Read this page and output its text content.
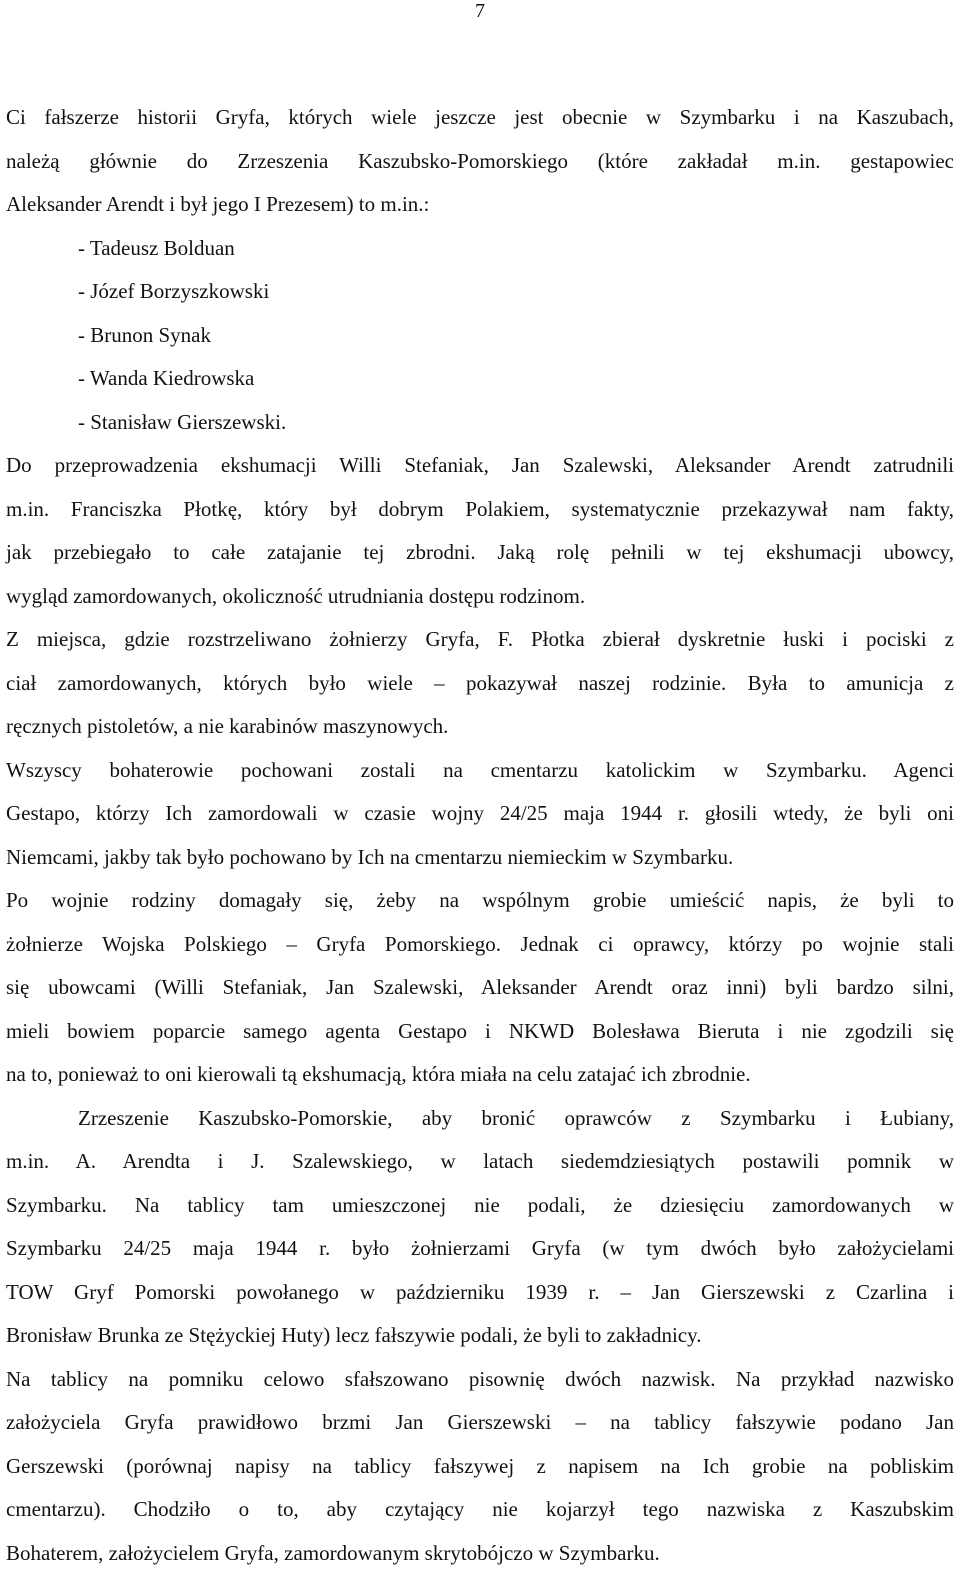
7
Ci fałszerze historii Gryfa, których wiele jeszcze jest obecnie w Szymbarku i na Kaszubach,
należą głównie do Zrzeszenia Kaszubsko-Pomorskiego (które zakładał m.in. gestapowiec
Aleksander Arendt i był jego I Prezesem) to m.in.:
- Tadeusz Bolduan
- Józef Borzyszkowski
- Brunon Synak
- Wanda Kiedrowska
- Stanisław Gierszewski.
Do przeprowadzenia ekshumacji Willi Stefaniak, Jan Szalewski, Aleksander Arendt zatrudnili
m.in. Franciszka Płotkę, który był dobrym Polakiem, systematycznie przekazywał nam fakty,
jak przebiegało to całe zatajanie tej zbrodni. Jaką rolę pełnili w tej ekshumacji ubowcy,
wygląd zamordowanych, okoliczność utrudniania dostępu rodzinom.
Z miejsca, gdzie rozstrzeliwano żołnierzy Gryfa, F. Płotka zbierał dyskretnie łuski i pociski z
ciał zamordowanych, których było wiele – pokazywał naszej rodzinie. Była to amunicja z
ręcznych pistoletów, a nie karabinów maszynowych.
Wszyscy bohaterowie pochowani zostali na cmentarzu katolickim w Szymbarku. Agenci
Gestapo, którzy Ich zamordowali w czasie wojny 24/25 maja 1944 r. głosili wtedy, że byli oni
Niemcami, jakby tak było pochowano by Ich na cmentarzu niemieckim w Szymbarku.
Po wojnie rodziny domagały się, żeby na wspólnym grobie umieścić napis, że byli to
żołnierze Wojska Polskiego – Gryfa Pomorskiego. Jednak ci oprawcy, którzy po wojnie stali
się ubowcami (Willi Stefaniak, Jan Szalewski, Aleksander Arendt oraz inni) byli bardzo silni,
mieli bowiem poparcie samego agenta Gestapo i NKWD Bolesława Bieruta i nie zgodzili się
na to, ponieważ to oni kierowali tą ekshumacją, która miała na celu zatajać ich zbrodnie.
Zrzeszenie Kaszubsko-Pomorskie, aby bronić oprawców z Szymbarku i Łubiany,
m.in. A. Arendta i J. Szalewskiego, w latach siedemdziesiątych postawili pomnik w
Szymbarku. Na tablicy tam umieszczonej nie podali, że dziesięciu zamordowanych w
Szymbarku 24/25 maja 1944 r. było żołnierzami Gryfa (w tym dwóch było założycielami
TOW Gryf Pomorski powołanego w październiku 1939 r. – Jan Gierszewski z Czarlina i
Bronisław Brunka ze Stężyckiej Huty) lecz fałszywie podali, że byli to zakładnicy.
Na tablicy na pomniku celowo sfałszowano pisownię dwóch nazwisk. Na przykład nazwisko
założyciela Gryfa prawidłowo brzmi Jan Gierszewski – na tablicy fałszywie podano Jan
Gerszewski (porównaj napisy na tablicy fałszywej z napisem na Ich grobie na pobliskim
cmentarzu). Chodziło o to, aby czytający nie kojarzył tego nazwiska z Kaszubskim
Bohaterem, założycielem Gryfa, zamordowanym skrytobójczo w Szymbarku.
